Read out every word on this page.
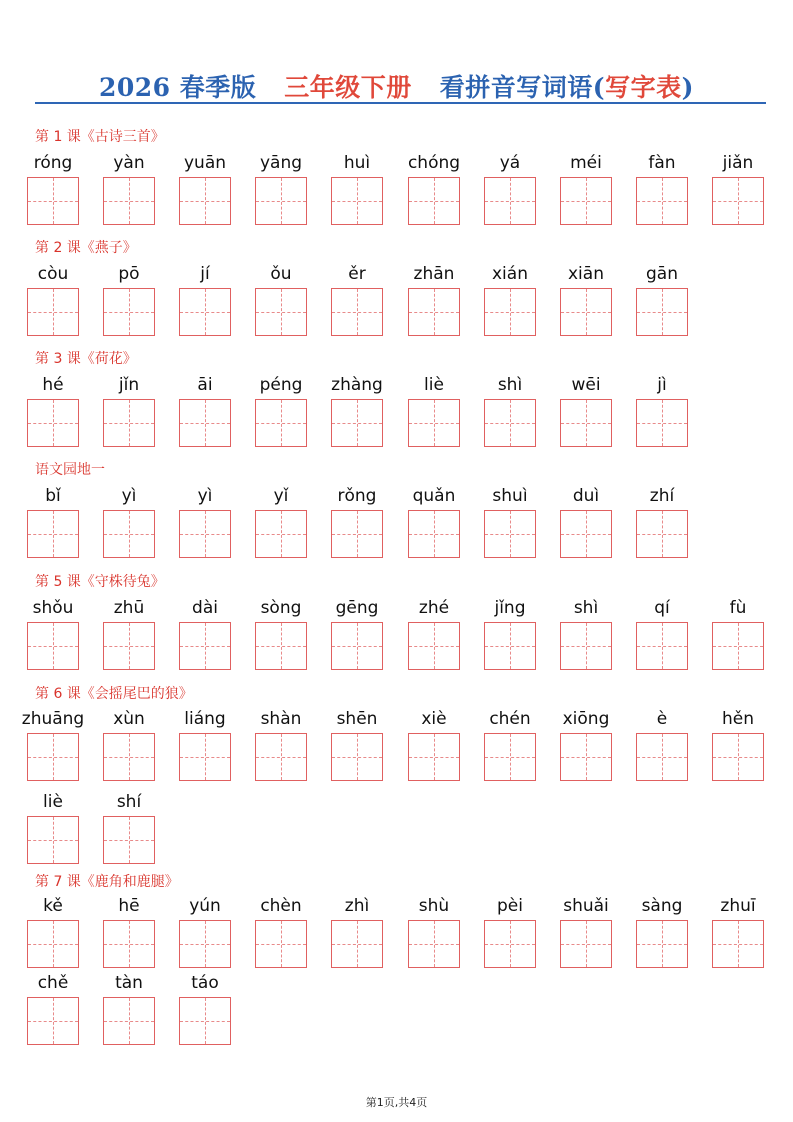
2026 春季版 三年级下册 看拼音写词语(写字表)
第 1 课《古诗三首》
róng	yàn	yuān	yāng	huì	chóng	yá	méi	fàn	jiǎn
第 2 课《燕子》
còu	pō	jí	ǒu	ěr	zhān	xián	xiān	gān
第 3 课《荷花》
hé	jǐn	āi	péng	zhàng	liè	shì	wēi	jì
语文园地一
bǐ	yì	yì	yǐ	rǒng	quǎn	shuì	duì	zhí
第 5 课《守株待兔》
shǒu	zhū	dài	sòng	gēng	zhé	jǐng	shì	qí	fù
第 6 课《会摇尾巴的狼》
zhuāng	xùn	liáng	shàn	shēn	xiè	chén	xiōng	è	hěn
liè	shí
第 7 课《鹿角和鹿腿》
kě	hē	yún	chèn	zhì	shù	pèi	shuǎi	sàng	zhuī
chě	tàn	táo
第1页,共4页
